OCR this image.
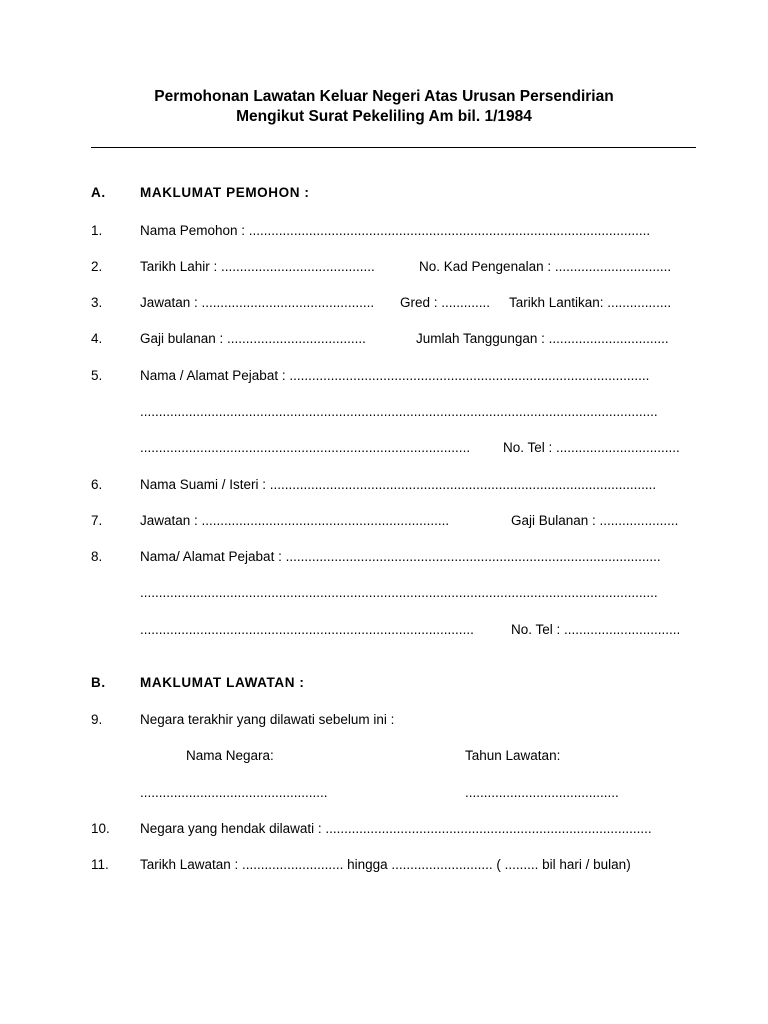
Permohonan Lawatan Keluar Negeri Atas Urusan Persendirian
Mengikut Surat Pekeliling Am bil. 1/1984
A.	MAKLUMAT PEMOHON :
1.	Nama Pemohon : ...........................................................................................................
2.	Tarikh Lahir : .........................................	No. Kad Pengenalan : ...............................
3.	Jawatan : .............................................. Gred : ............. Tarikh Lantikan: .................
4.	Gaji bulanan : .....................................	Jumlah Tanggungan : ................................
5.	Nama / Alamat Pejabat : ................................................................................................
..........................................................................................................................................
........................................................................................ No. Tel : .................................
6.	Nama Suami / Isteri : .......................................................................................................
7.	Jawatan : ..................................................................	Gaji Bulanan : .....................
8.	Nama/ Alamat Pejabat : ....................................................................................................
..........................................................................................................................................
.........................................................................................	No. Tel : ...............................
B.	MAKLUMAT LAWATAN :
9.	Negara terakhir yang dilawati sebelum ini :
Nama Negara:	Tahun Lawatan:
..................................................	.........................................
10. Negara yang hendak dilawati : .......................................................................................
11. Tarikh Lawatan : ........................... hingga ........................... ( ......... bil hari / bulan)
